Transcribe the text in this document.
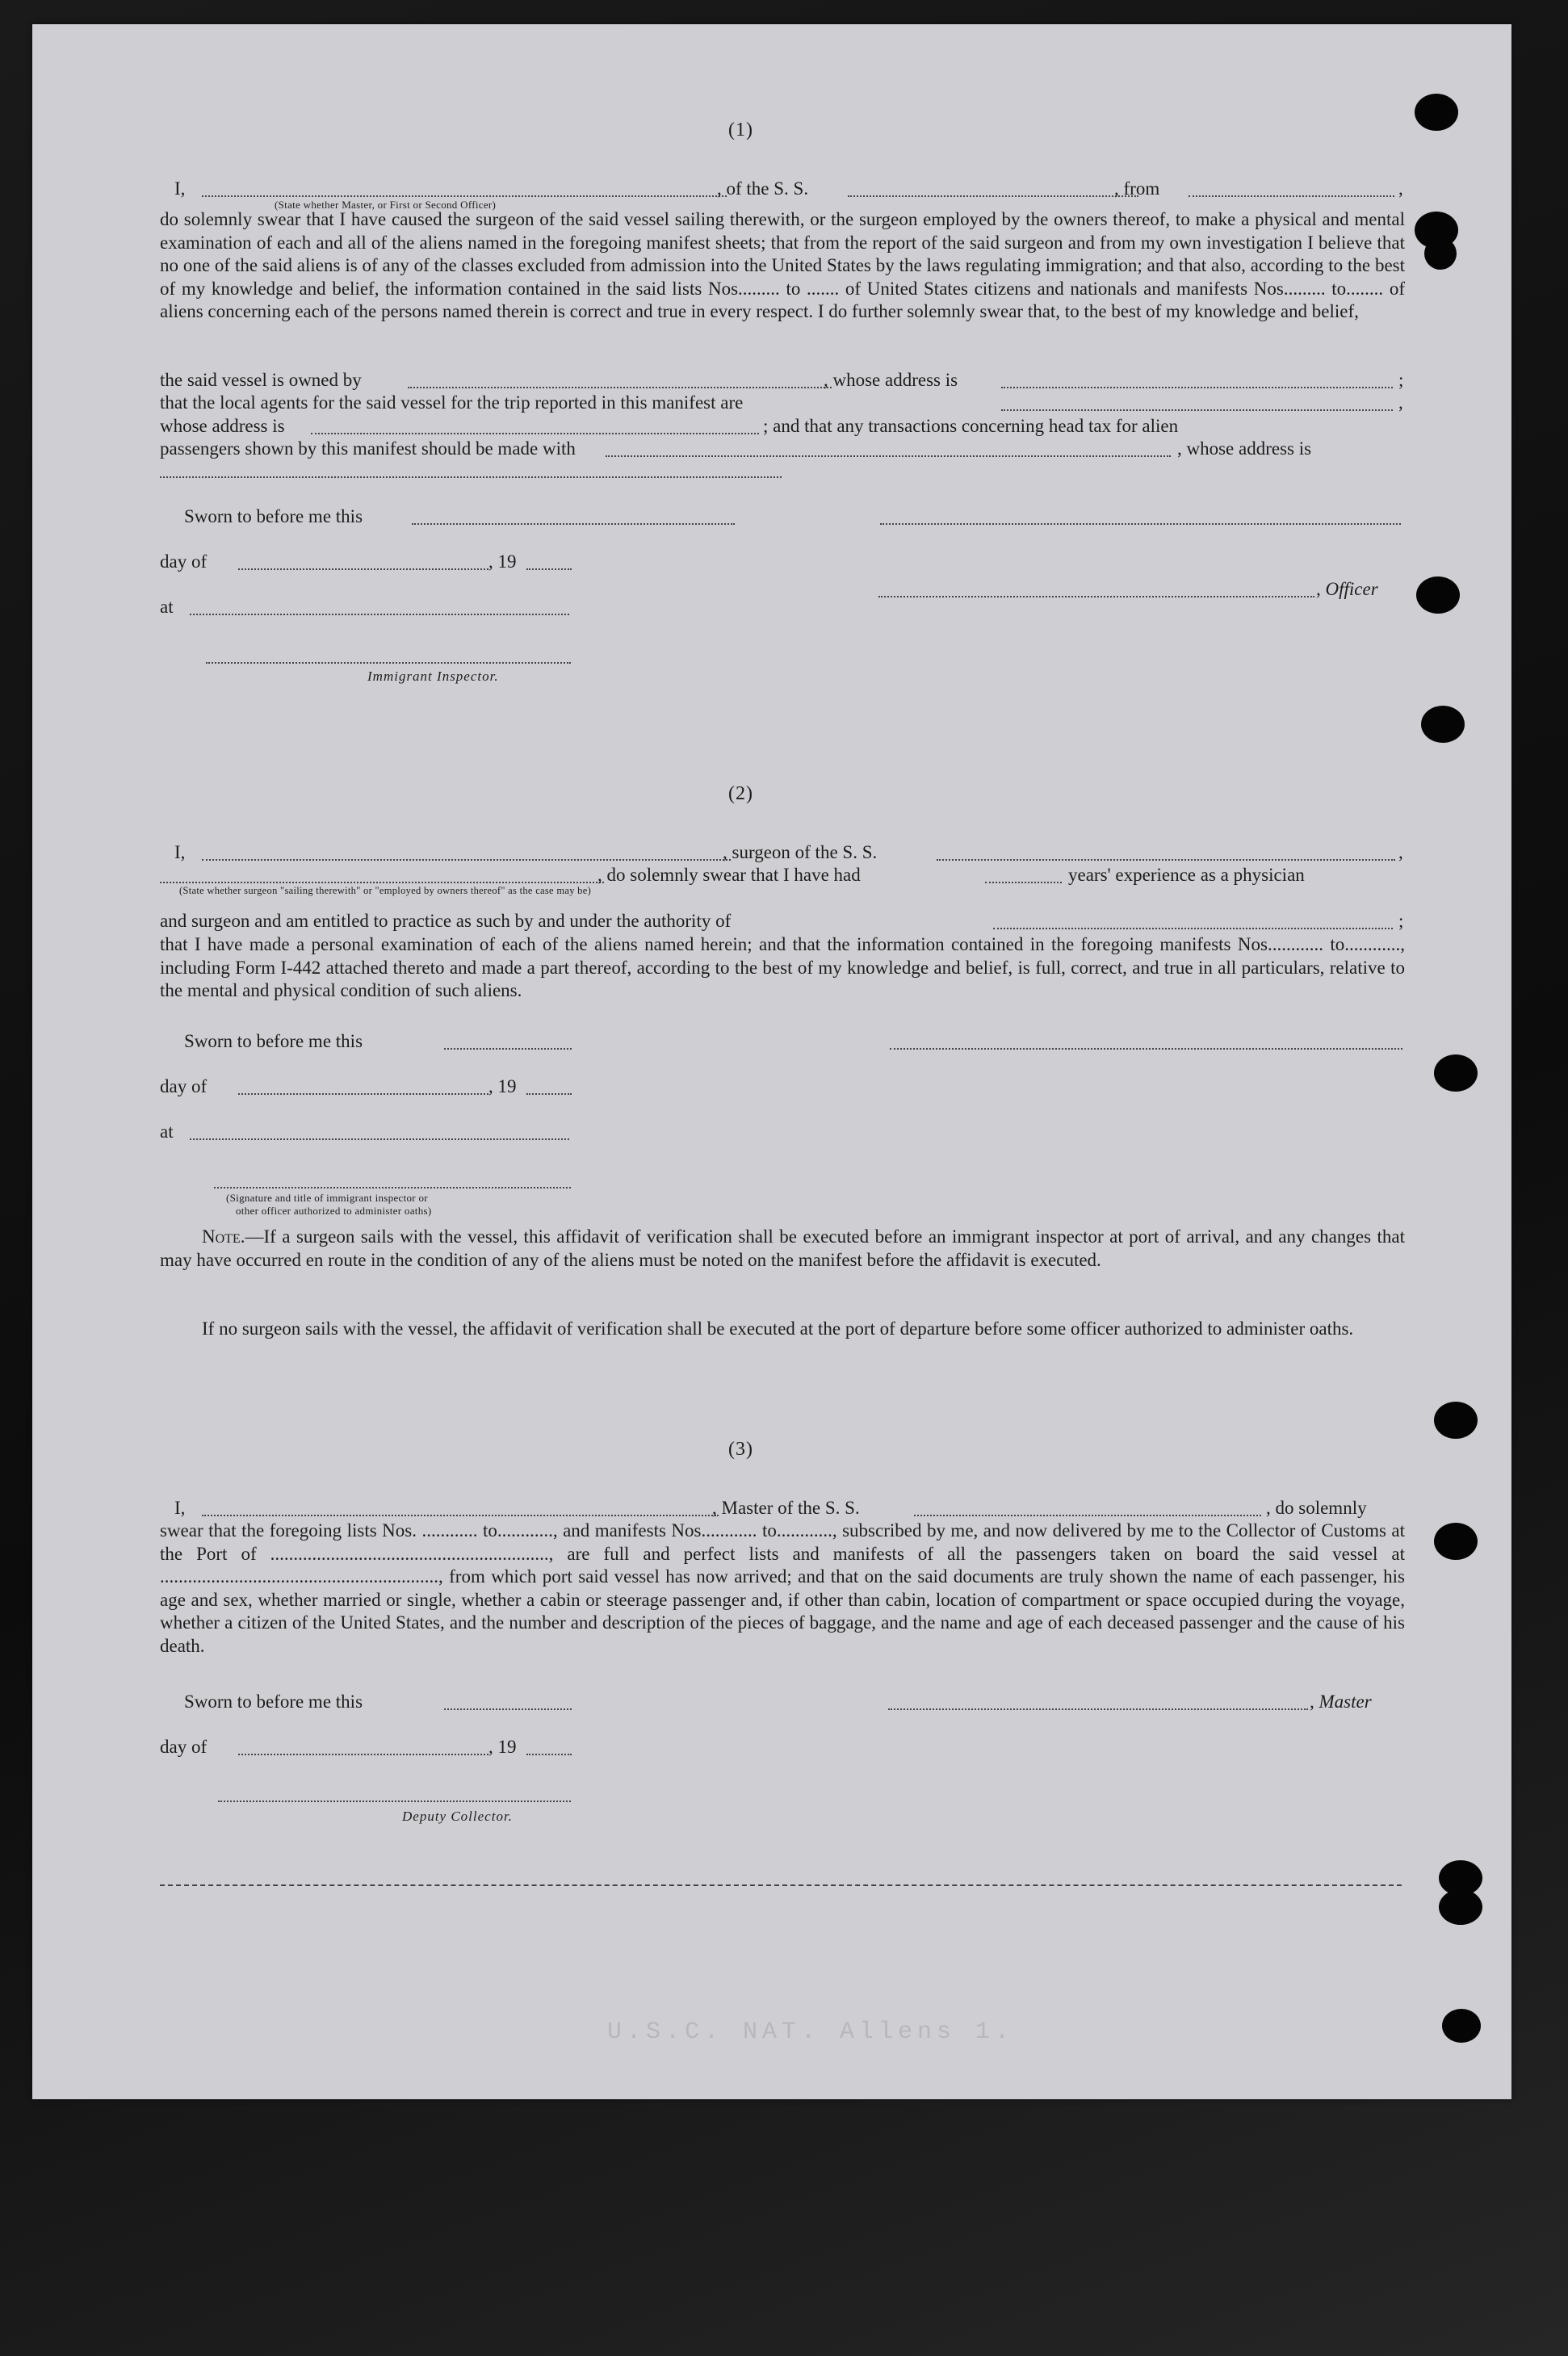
(1)
I,	, of the S. S.	, from	,
(State whether Master, or First or Second Officer)
do solemnly swear that I have caused the surgeon of the said vessel sailing therewith, or the surgeon employed by the owners thereof, to make a physical and mental examination of each and all of the aliens named in the foregoing manifest sheets; that from the report of the said surgeon and from my own investigation I believe that no one of the said aliens is of any of the classes excluded from admission into the United States by the laws regulating immigration; and that also, according to the best of my knowledge and belief, the information contained in the said lists Nos......... to ....... of United States citizens and nationals and manifests Nos......... to........ of aliens concerning each of the persons named therein is correct and true in every respect. I do further solemnly swear that, to the best of my knowledge and belief,
the said vessel is owned by	, whose address is	;
that the local agents for the said vessel for the trip reported in this manifest are	,
whose address is	; and that any transactions concerning head tax for alien
passengers shown by this manifest should be made with	, whose address is
Sworn to before me this
day of	, 19
, Officer
at
Immigrant Inspector.
(2)
I,	, surgeon of the S. S.	,
, do solemnly swear that I have had	years' experience as a physician
(State whether surgeon "sailing therewith" or "employed by owners thereof" as the case may be)
and surgeon and am entitled to practice as such by and under the authority of	;
that I have made a personal examination of each of the aliens named herein; and that the information contained in the foregoing manifests Nos............ to............, including Form I-442 attached thereto and made a part thereof, according to the best of my knowledge and belief, is full, correct, and true in all particulars, relative to the mental and physical condition of such aliens.
Sworn to before me this
day of	, 19
at
(Signature and title of immigrant inspector or
other officer authorized to administer oaths)
Note.—If a surgeon sails with the vessel, this affidavit of verification shall be executed before an immigrant inspector at port of arrival, and any changes that may have occurred en route in the condition of any of the aliens must be noted on the manifest before the affidavit is executed.
If no surgeon sails with the vessel, the affidavit of verification shall be executed at the port of departure before some officer authorized to administer oaths.
(3)
I,	, Master of the S. S.	, do solemnly
swear that the foregoing lists Nos. ............ to............, and manifests Nos............ to............, subscribed by me, and now delivered by me to the Collector of Customs at the Port of ............................................................, are full and perfect lists and manifests of all the passengers taken on board the said vessel at ............................................................, from which port said vessel has now arrived; and that on the said documents are truly shown the name of each passenger, his age and sex, whether married or single, whether a cabin or steerage passenger and, if other than cabin, location of compartment or space occupied during the voyage, whether a citizen of the United States, and the number and description of the pieces of baggage, and the name and age of each deceased passenger and the cause of his death.
Sworn to before me this	, Master
day of	, 19
Deputy Collector.
U.S.C. NAT. Allens 1.
